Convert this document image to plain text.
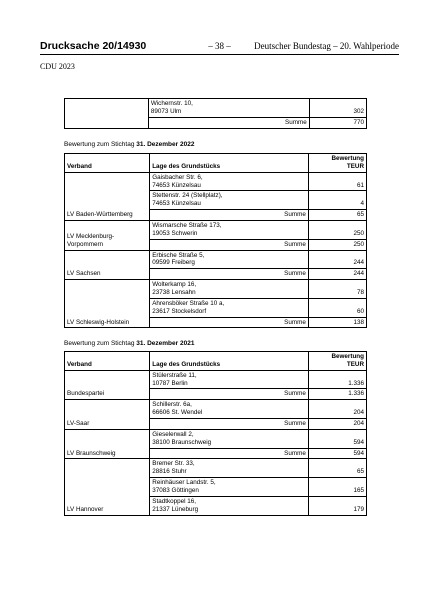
Drucksache 20/14930	– 38 –	Deutscher Bundestag – 20. Wahlperiode
CDU 2023

	Wichernstr. 10,
89073 Ulm	302
	Summe	770
Bewertung zum Stichtag 31. Dezember 2022
Verband	Lage des Grundstücks	Bewertung
TEUR

LV Baden-Württemberg	Gaisbacher Str. 6,
74653 Künzelsau	61

	Stettenstr. 24 (Stellplatz),
74653 Künzelsau	4
	Summe	65
LV Mecklenburg-Vorpommern	Wismarsche Straße 173,
19053 Schwerin	250
	Summe	250
LV Sachsen	Erbische Straße 5,
09599 Freiberg	244
	Summe	244
LV Schleswig-Holstein	Wolterkamp 16,
23738 Lensahn	78

	Ahrensböker Straße 10 a,
23617 Stockelsdorf	60
	Summe	138
Bewertung zum Stichtag 31. Dezember 2021
Verband	Lage des Grundstücks	Bewertung
TEUR

Bundespartei	Stülerstraße 11,
10787 Berlin	1.336
	Summe	1.336
LV-Saar	Schillerstr. 6a,
66606 St. Wendel	204
	Summe	204
LV Braunschweig	Gieselerwall 2,
38100 Braunschweig	594
	Summe	594
LV Hannover	Bremer Str. 33,
28816 Stuhr	65

	Reinhäuser Landstr. 5,
37083 Göttingen	165

	Stadtkoppel 16,
21337 Lüneburg	179
